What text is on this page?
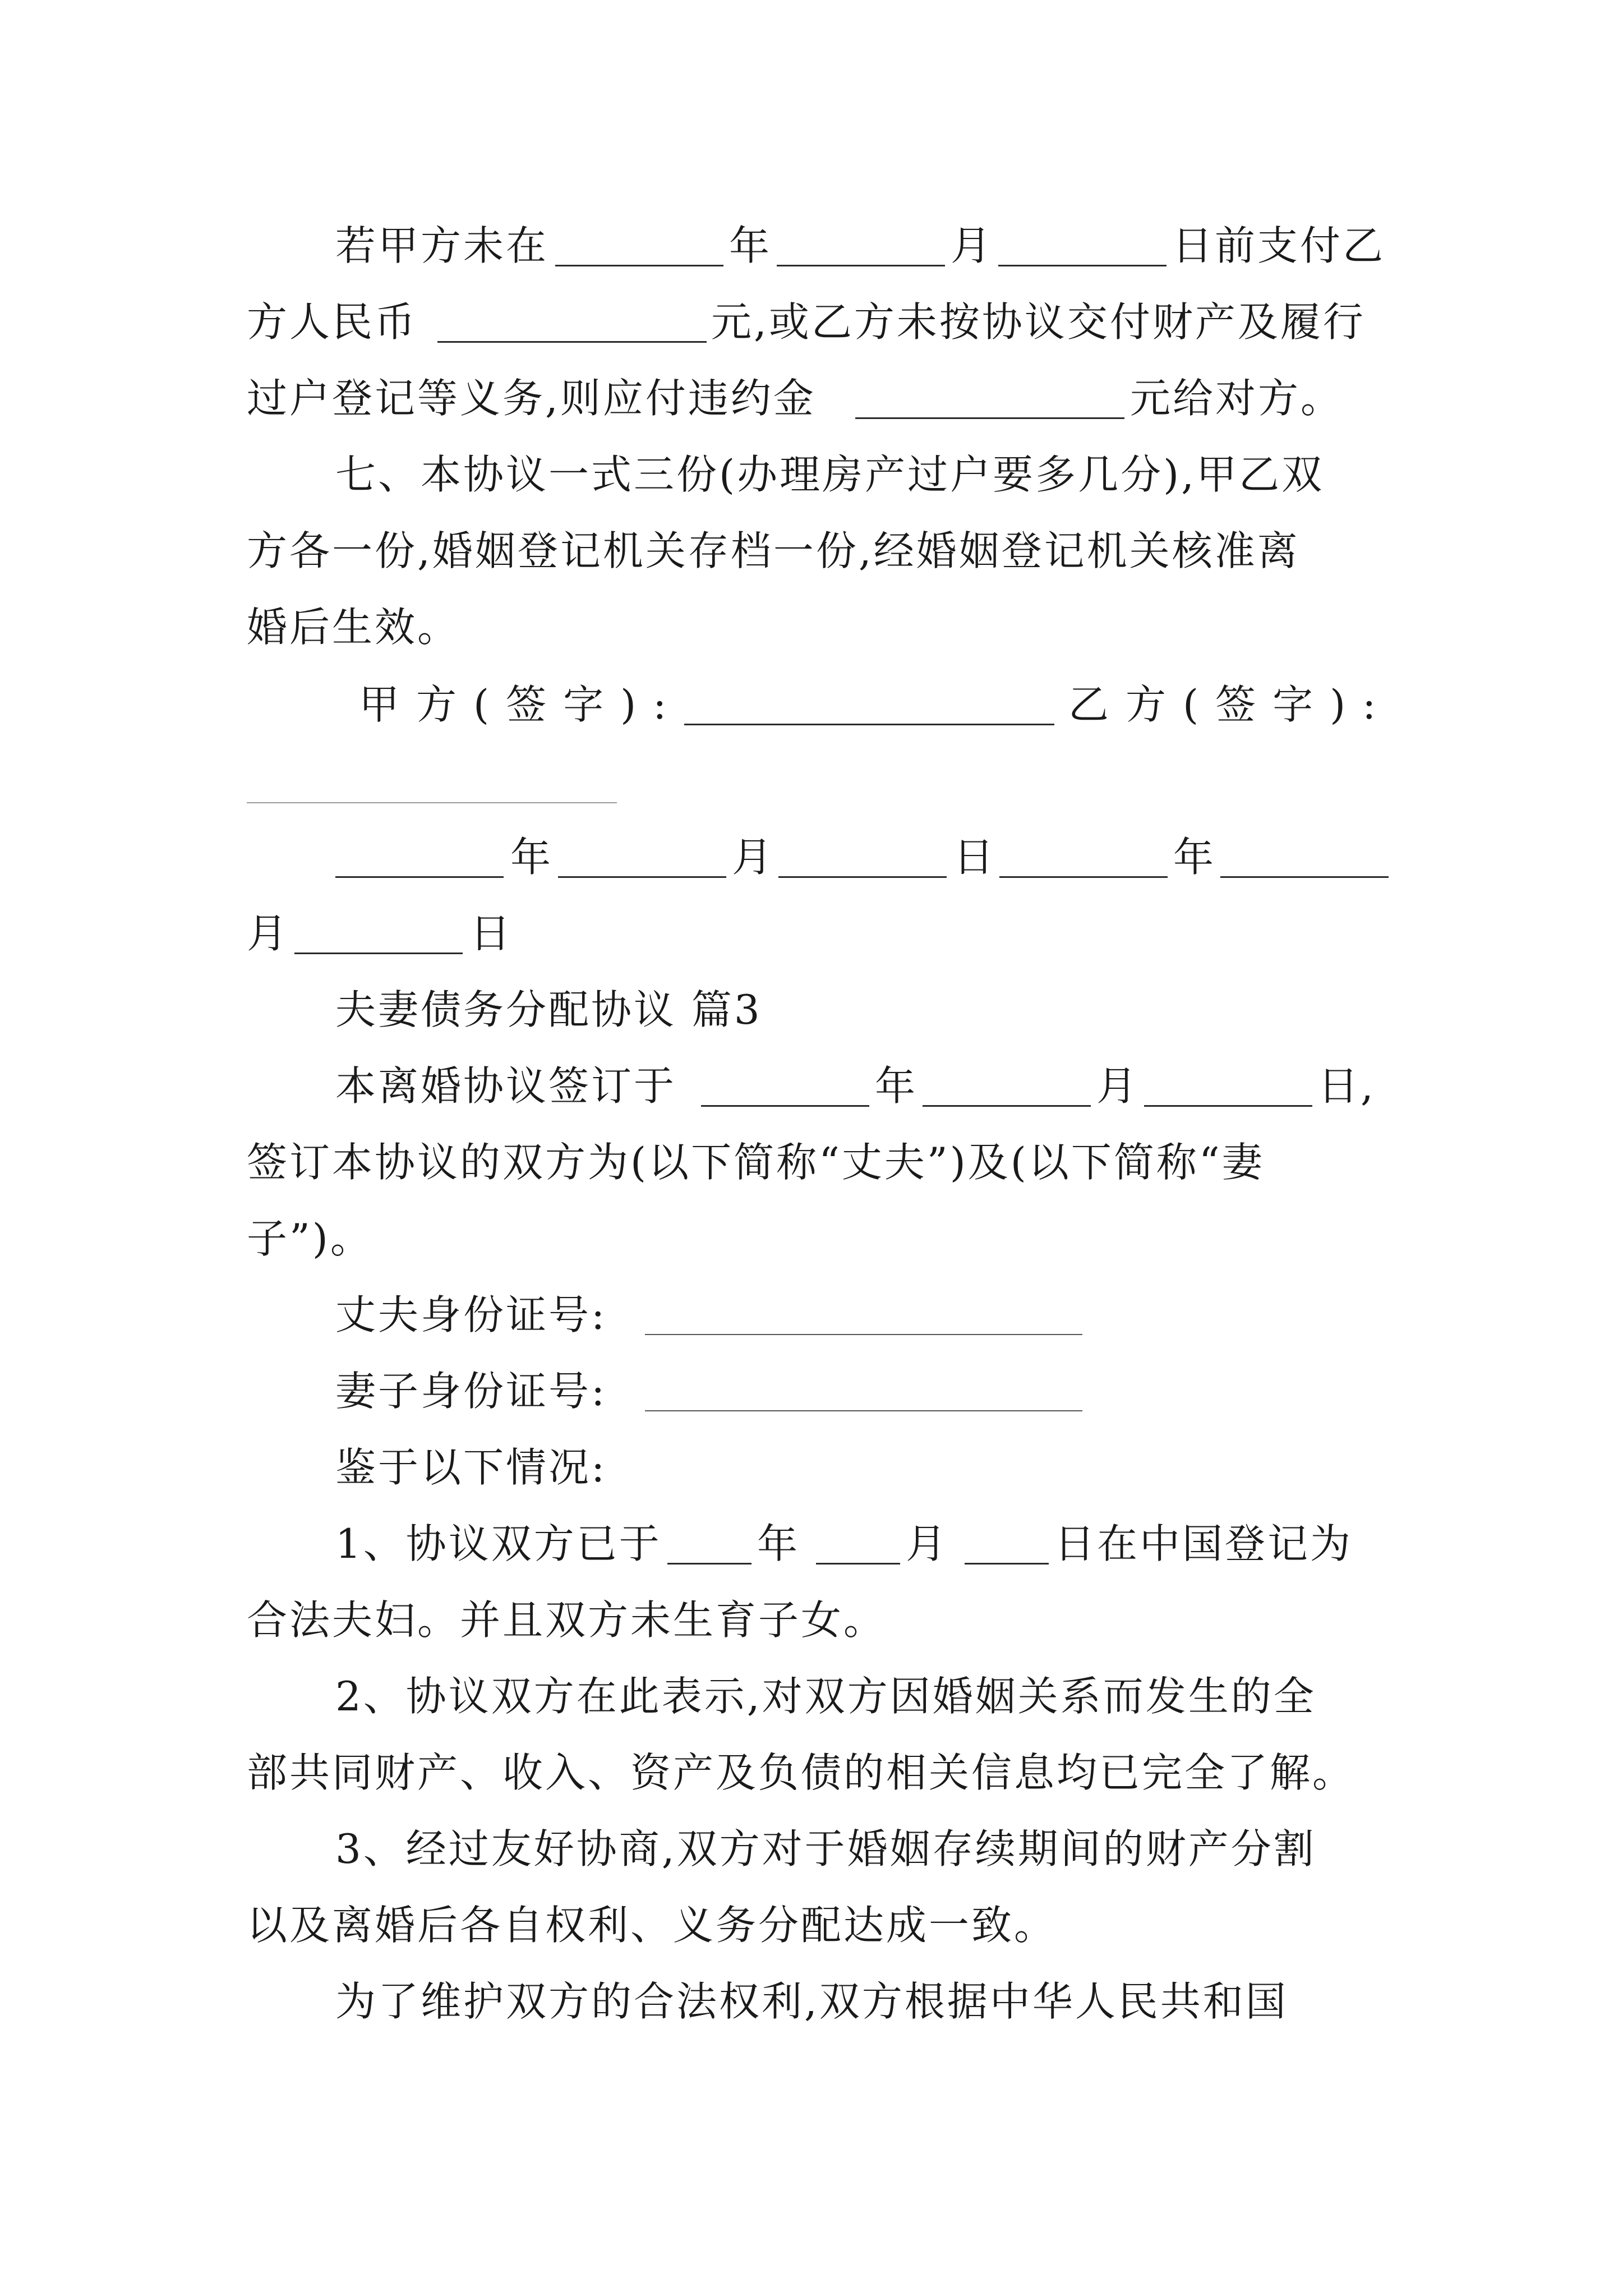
若甲方未在	年	月	日前支付乙
方人民币	元,或乙方未按协议交付财产及履行
过户登记等义务,则应付违约金	元给对方。
七、本协议一式三份(办理房产过户要多几分),甲乙双
方各一份,婚姻登记机关存档一份,经婚姻登记机关核准离
婚后生效。
甲方(签字):	乙方(签字):
年	月	日	年
月	日
夫妻债务分配协议 篇3
本离婚协议签订于	年	月	日,
签订本协议的双方为(以下简称“丈夫”)及(以下简称“妻
子”)。
丈夫身份证号:
妻子身份证号:
鉴于以下情况:
1、协议双方已于 年	月	日在中国登记为
合法夫妇。并且双方未生育子女。
2、协议双方在此表示,对双方因婚姻关系而发生的全
部共同财产、收入、资产及负债的相关信息均已完全了解。
3、经过友好协商,双方对于婚姻存续期间的财产分割
以及离婚后各自权利、义务分配达成一致。
为了维护双方的合法权利,双方根据中华人民共和国
